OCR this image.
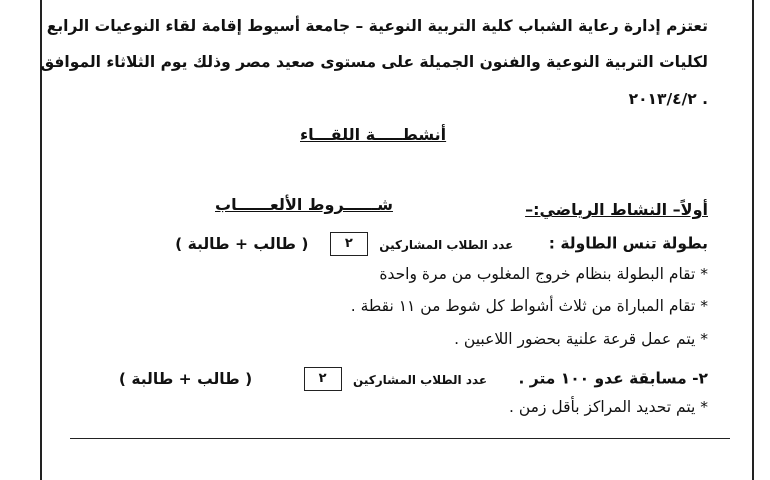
تعتزم إدارة رعاية الشباب كلية التربية النوعية – جامعة أسيوط إقامة لقاء النوعيات الرابع
لكليات التربية النوعية والفنون الجميلة على مستوى صعيد مصر وذلك يوم الثلاثاء الموافق
. ٢٠١٣/٤/٢
أنشطـــــة اللقـــاء
أولاً– النشاط الرياضي:–
شــــــروط الألعــــــاب
بطولة تنس الطاولة : عدد الطلاب المشاركين ٢ ( طالب + طالبة )
* تقام البطولة بنظام خروج المغلوب من مرة واحدة
* تقام المباراة من ثلاث أشواط كل شوط من ١١ نقطة .
* يتم عمل قرعة علنية بحضور اللاعبين .
٢- مسابقة عدو ١٠٠ متر . عدد الطلاب المشاركين ٢ ( طالب + طالبة )
* يتم تحديد المراكز بأقل زمن .
